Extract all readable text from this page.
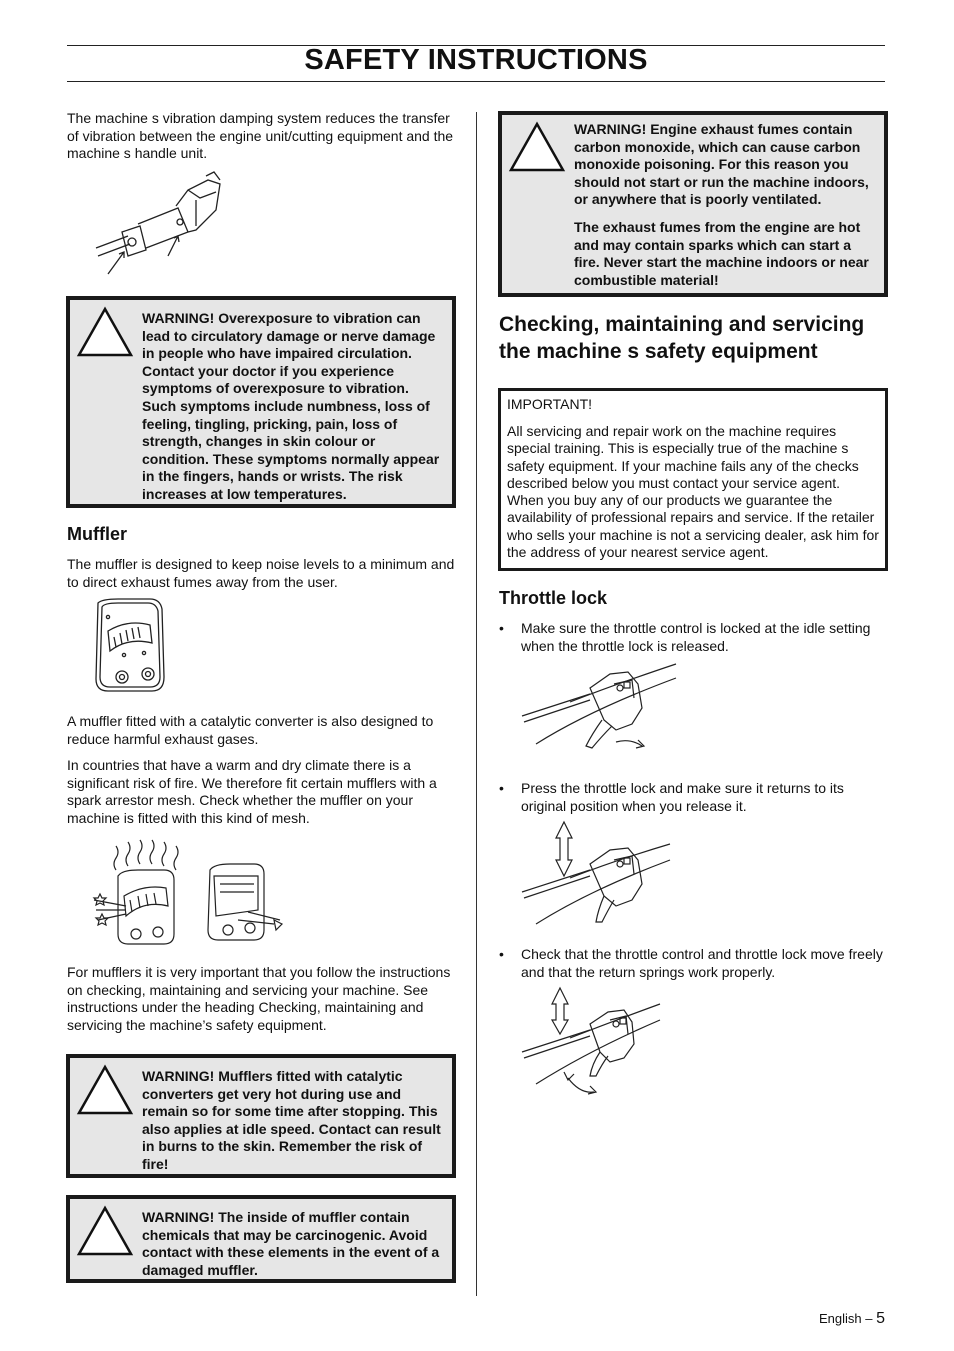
SAFETY INSTRUCTIONS
The machine s vibration damping system reduces the transfer of vibration between the engine unit/cutting equipment and the machine s handle unit.
WARNING! Overexposure to vibration can lead to circulatory damage or nerve damage in people who have impaired circulation. Contact your doctor if you experience symptoms of overexposure to vibration. Such symptoms include numbness, loss of feeling, tingling, pricking, pain, loss of strength, changes in skin colour or condition. These symptoms normally appear in the fingers, hands or wrists. The risk increases at low temperatures.
Muffler
The muffler is designed to keep noise levels to a minimum and to direct exhaust fumes away from the user.
A muffler fitted with a catalytic converter is also designed to reduce harmful exhaust gases.
In countries that have a warm and dry climate there is a significant risk of fire. We therefore fit certain mufflers with a spark arrestor mesh. Check whether the muffler on your machine is fitted with this kind of mesh.
For mufflers it is very important that you follow the instructions on checking, maintaining and servicing your machine. See instructions under the heading Checking, maintaining and servicing the machine’s safety equipment.
WARNING! Mufflers fitted with catalytic converters get very hot during use and remain so for some time after stopping. This also applies at idle speed. Contact can result in burns to the skin. Remember the risk of fire!
WARNING! The inside of muffler contain chemicals that may be carcinogenic. Avoid contact with these elements in the event of a damaged muffler.

WARNING! Engine exhaust fumes contain carbon monoxide, which can cause carbon monoxide poisoning. For this reason you should not start or run the machine indoors, or anywhere that is poorly ventilated.

The exhaust fumes from the engine are hot and may contain sparks which can start a fire. Never start the machine indoors or near combustible material!

Checking, maintaining and servicing the machine s safety equipment
IMPORTANT!
All servicing and repair work on the machine requires special training. This is especially true of the machine s safety equipment. If your machine fails any of the checks described below you must contact your service agent. When you buy any of our products we guarantee the availability of professional repairs and service. If the retailer who sells your machine is not a servicing dealer, ask him for the address of your nearest service agent.
Throttle lock
• Make sure the throttle control is locked at the idle setting when the throttle lock is released.
• Press the throttle lock and make sure it returns to its original position when you release it.
• Check that the throttle control and throttle lock move freely and that the return springs work properly.
English – 5
